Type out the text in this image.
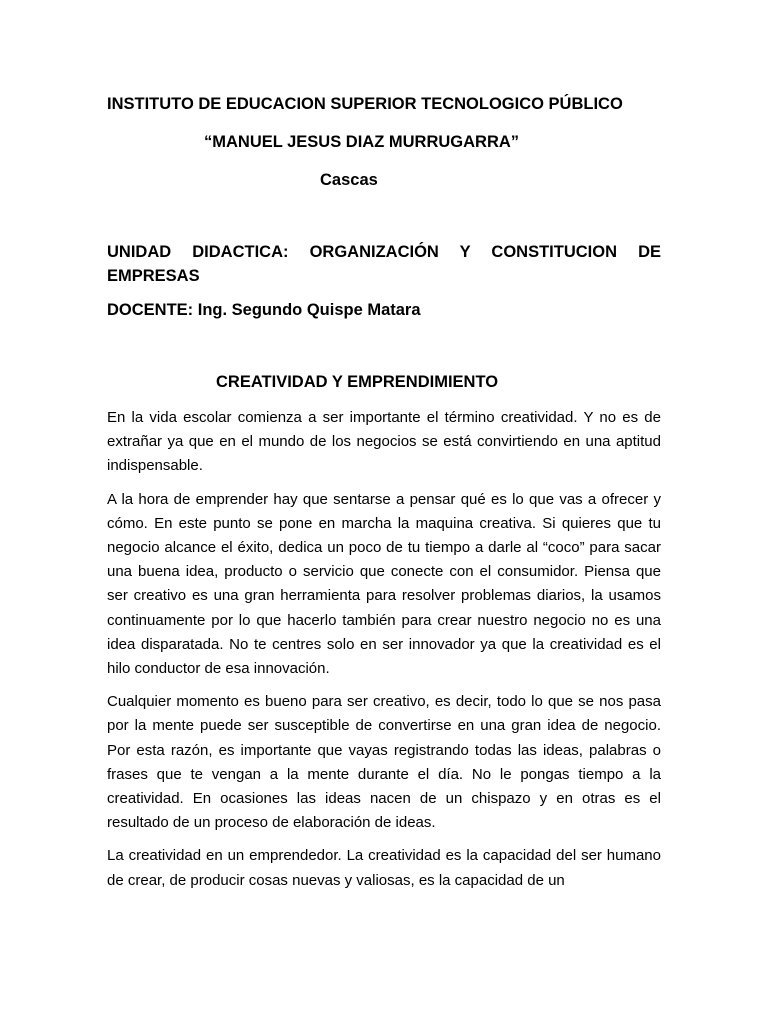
INSTITUTO DE EDUCACION SUPERIOR TECNOLOGICO PÚBLICO

“MANUEL JESUS DIAZ MURRUGARRA”

Cascas

UNIDAD DIDACTICA: ORGANIZACIÓN Y CONSTITUCION DE EMPRESAS

DOCENTE: Ing. Segundo Quispe Matara

CREATIVIDAD Y EMPRENDIMIENTO

En la vida escolar comienza a ser importante el término creatividad. Y no es de extrañar ya que en el mundo de los negocios se está convirtiendo en una aptitud indispensable.

A la hora de emprender hay que sentarse a pensar qué es lo que vas a ofrecer y cómo. En este punto se pone en marcha la maquina creativa. Si quieres que tu negocio alcance el éxito, dedica un poco de tu tiempo a darle al “coco” para sacar una buena idea, producto o servicio que conecte con el consumidor. Piensa que ser creativo es una gran herramienta para resolver problemas diarios, la usamos continuamente por lo que hacerlo también para crear nuestro negocio no es una idea disparatada. No te centres solo en ser innovador ya que la creatividad es el hilo conductor de esa innovación.

Cualquier momento es bueno para ser creativo, es decir, todo lo que se nos pasa por la mente puede ser susceptible de convertirse en una gran idea de negocio. Por esta razón, es importante que vayas registrando todas las ideas, palabras o frases que te vengan a la mente durante el día. No le pongas tiempo a la creatividad. En ocasiones las ideas nacen de un chispazo y en otras es el resultado de un proceso de elaboración de ideas.

La creatividad en un emprendedor. La creatividad es la capacidad del ser humano de crear, de producir cosas nuevas y valiosas, es la capacidad de un
